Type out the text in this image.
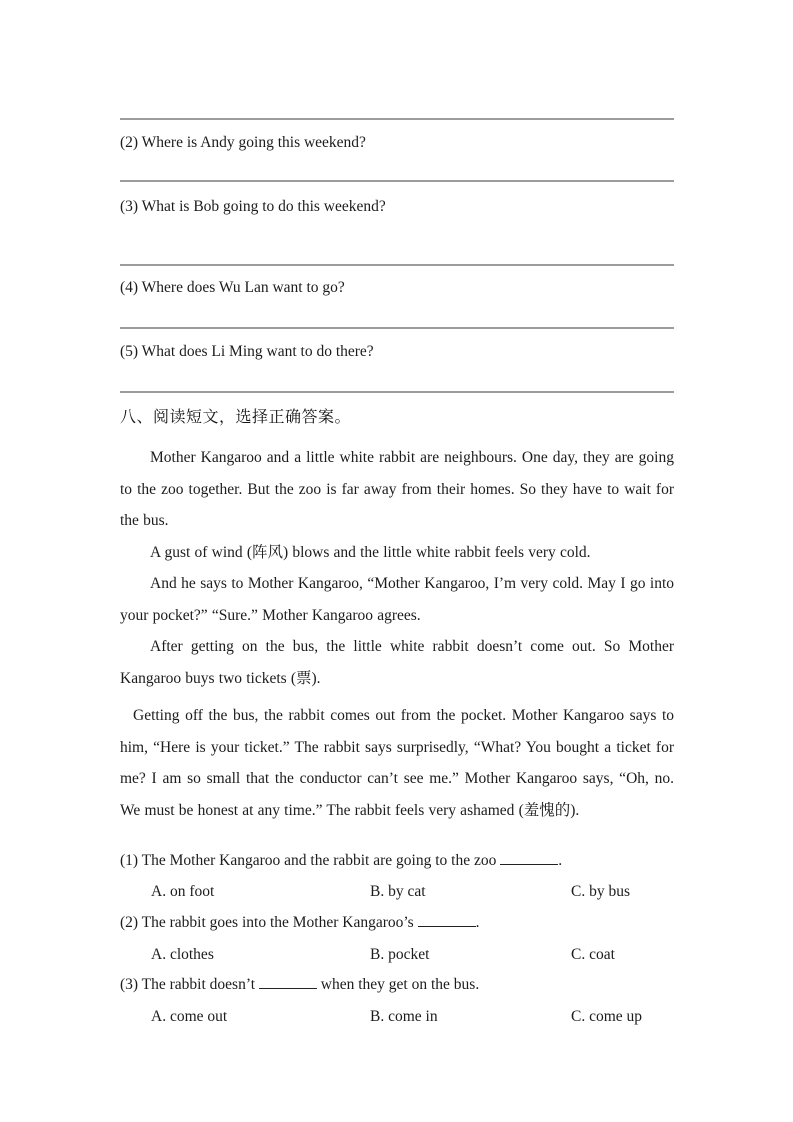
(2) Where is Andy going this weekend?
(3) What is Bob going to do this weekend?
(4) Where does Wu Lan want to go?
(5) What does Li Ming want to do there?
八、阅读短文，选择正确答案。

Mother Kangaroo and a little white rabbit are neighbours. One day, they are going to the zoo together. But the zoo is far away from their homes. So they have to wait for the bus.

A gust of wind (阵风) blows and the little white rabbit feels very cold.

And he says to Mother Kangaroo, “Mother Kangaroo, I’m very cold. May I go into your pocket?” “Sure.” Mother Kangaroo agrees.

After getting on the bus, the little white rabbit doesn’t come out. So Mother Kangaroo buys two tickets (票).

Getting off the bus, the rabbit comes out from the pocket. Mother Kangaroo says to him, “Here is your ticket.” The rabbit says surprisedly, “What? You bought a ticket for me? I am so small that the conductor can’t see me.” Mother Kangaroo says, “Oh, no. We must be honest at any time.” The rabbit feels very ashamed (羞愧的).

(1) The Mother Kangaroo and the rabbit are going to the zoo	.
A. on foot	B. by cat	C. by bus
(2) The rabbit goes into the Mother Kangaroo’s	.
A. clothes	B. pocket	C. coat
(3) The rabbit doesn’t	when they get on the bus.
A. come out	B. come in	C. come up
